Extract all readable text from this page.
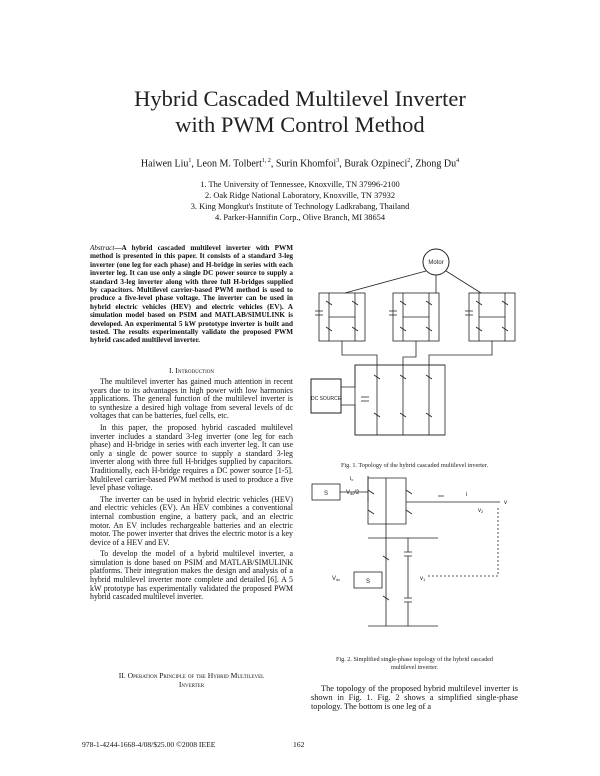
Hybrid Cascaded Multilevel Inverter
with PWM Control Method
Haiwen Liu$^1$, Leon M. Tolbert$^{1, 2}$, Surin Khomfoi$^3$, Burak Ozpineci$^2$, Zhong Du$^4$
1. The University of Tennessee, Knoxville, TN 37996-2100
2. Oak Ridge National Laboratory, Knoxville, TN 37932
3. King Mongkut's Institute of Technology Ladkrabang, Thailand
4. Parker-Hannifin Corp., Olive Branch, MI 38654
Abstract—A hybrid cascaded multilevel inverter with PWM method is presented in this paper. It consists of a standard 3-leg inverter (one leg for each phase) and H-bridge in series with each inverter leg. It can use only a single DC power source to supply a standard 3-leg inverter along with three full H-bridges supplied by capacitors. Multilevel carrier-based PWM method is used to produce a five-level phase voltage. The inverter can be used in hybrid electric vehicles (HEV) and electric vehicles (EV). A simulation model based on PSIM and MATLAB/SIMULINK is developed. An experimental 5 kW prototype inverter is built and tested. The results experimentally validate the proposed PWM hybrid cascaded multilevel inverter.
I. Introduction

The multilevel inverter has gained much attention in recent years due to its advantages in high power with low harmonics applications. The general function of the multilevel inverter is to synthesize a desired high voltage from several levels of dc voltages that can be batteries, fuel cells, etc.

In this paper, the proposed hybrid cascaded multilevel inverter includes a standard 3-leg inverter (one leg for each phase) and H-bridge in series with each inverter leg. It can use only a single dc power source to supply a standard 3-leg inverter along with three full H-bridges supplied by capacitors. Traditionally, each H-bridge requires a DC power source [1-5]. Multilevel carrier-based PWM method is used to produce a five level phase voltage.

The inverter can be used in hybrid electric vehicles (HEV) and electric vehicles (EV). An HEV combines a conventional internal combustion engine, a battery pack, and an electric motor. An EV includes rechargeable batteries and an electric motor. The power inverter that drives the electric motor is a key device of a HEV and EV.

To develop the model of a hybrid multilevel inverter, a simulation is done based on PSIM and MATLAB/SIMULINK platforms. Their integration makes the design and analysis of a hybrid multilevel inverter more complete and detailed [6]. A 5 kW prototype has experimentally validated the proposed PWM hybrid cascaded multilevel inverter.

II. Operation Principle of the Hybrid Multilevel
Inverter
Motor
DC SOURCE
Fig. 1. Topology of the hybrid cascaded multilevel inverter.
S	Vdc/2
ic
i
v
v2
S
Vdc	v1
Fig. 2. Simplified single-phase topology of the hybrid cascaded
multilevel inverter.

The topology of the proposed hybrid multilevel inverter is shown in Fig. 1. Fig. 2 shows a simplified single-phase topology. The bottom is one leg of a

978-1-4244-1668-4/08/$25.00 ©2008 IEEE	162
